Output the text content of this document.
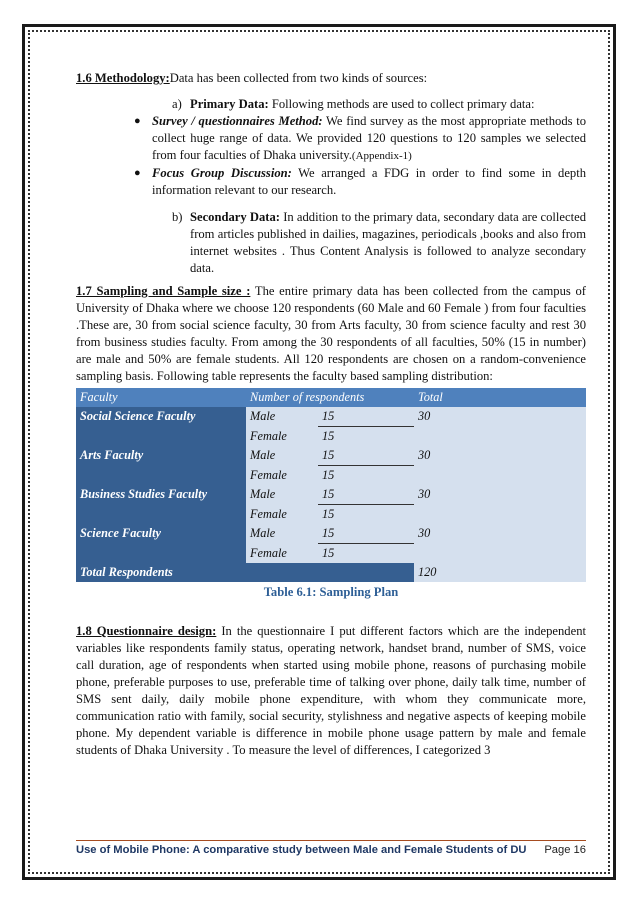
1.6 Methodology:Data has been collected from two kinds of sources:

a) Primary Data: Following methods are used to collect primary data:

● Survey / questionnaires Method: We find survey as the most appropriate methods to collect huge range of data. We provided 120 questions to 120 samples we selected from four faculties of Dhaka university.(Appendix-1)

● Focus Group Discussion: We arranged a FDG in order to find some in depth information relevant to our research.

b) Secondary Data: In addition to the primary data, secondary data are collected from articles published in dailies, magazines, periodicals ,books and also from internet websites . Thus Content Analysis is followed to analyze secondary data.

1.7 Sampling and Sample size : The entire primary data has been collected from the campus of University of Dhaka where we choose 120 respondents (60 Male and 60 Female ) from four faculties .These are, 30 from social science faculty, 30 from Arts faculty, 30 from science faculty and rest 30 from business studies faculty. From among the 30 respondents of all faculties, 50% (15 in number) are male and 50% are female students. All 120 respondents are chosen on a random-convenience sampling basis. Following table represents the faculty based sampling distribution:

Faculty	Number of respondents		Total
Social Science Faculty	Male	15	30
	Female	15	
Arts Faculty	Male	15	30
	Female	15	
Business Studies Faculty	Male	15	30
	Female	15	
Science Faculty	Male	15	30
	Female	15	
Total Respondents			120

Table 6.1: Sampling Plan

1.8 Questionnaire design: In the questionnaire I put different factors which are the independent variables like respondents family status, operating network, handset brand, number of SMS, voice call duration, age of respondents when started using mobile phone, reasons of purchasing mobile phone, preferable purposes to use, preferable time of talking over phone, daily talk time, number of SMS sent daily, daily mobile phone expenditure, with whom they communicate more, communication ratio with family, social security, stylishness and negative aspects of keeping mobile phone. My dependent variable is difference in mobile phone usage pattern by male and female students of Dhaka University . To measure the level of differences, I categorized 3

Use of Mobile Phone: A comparative study between Male and Female Students of DU Page 16
